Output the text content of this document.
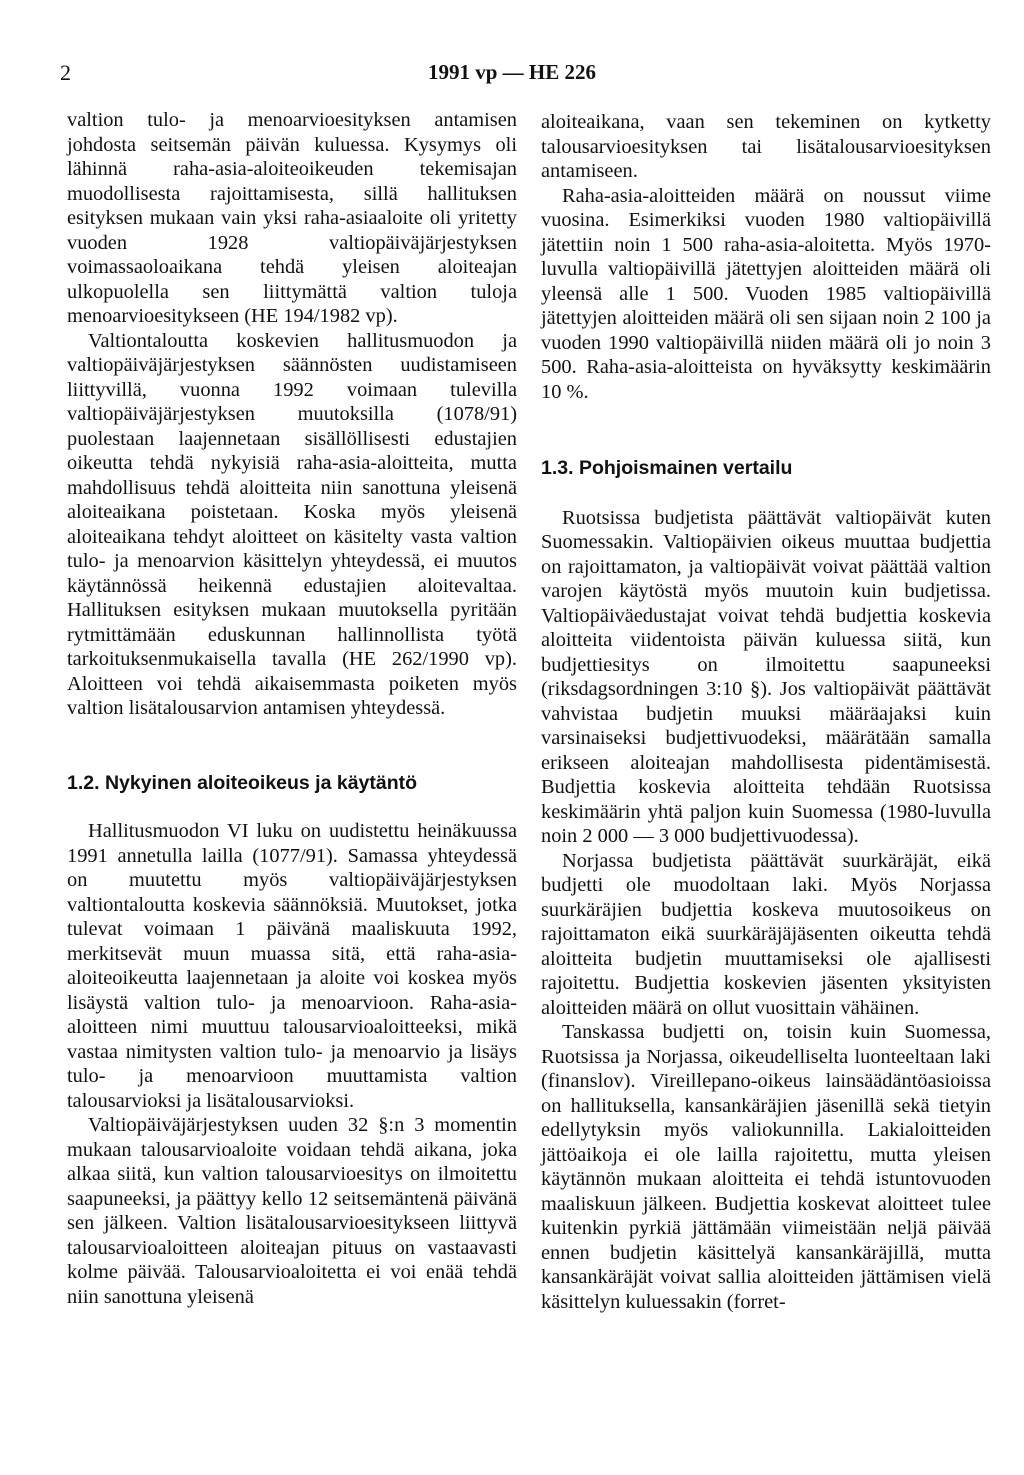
2	1991 vp — HE 226

valtion tulo- ja menoarvioesityksen antamisen johdosta seitsemän päivän kuluessa. Kysymys oli lähinnä raha-asia-aloiteoikeuden tekemisajan muodollisesta rajoittamisesta, sillä hallituksen esityksen mukaan vain yksi raha-asiaaloite oli yritetty vuoden 1928 valtiopäiväjärjestyksen voimassaoloaikana tehdä yleisen aloiteajan ulkopuolella sen liittymättä valtion tuloja menoarvioesitykseen (HE 194/1982 vp).

Valtiontaloutta koskevien hallitusmuodon ja valtiopäiväjärjestyksen säännösten uudistamiseen liittyvillä, vuonna 1992 voimaan tulevilla valtiopäiväjärjestyksen muutoksilla (1078/91) puolestaan laajennetaan sisällöllisesti edustajien oikeutta tehdä nykyisiä raha-asia-aloitteita, mutta mahdollisuus tehdä aloitteita niin sanottuna yleisenä aloiteaikana poistetaan. Koska myös yleisenä aloiteaikana tehdyt aloitteet on käsitelty vasta valtion tulo- ja menoarvion käsittelyn yhteydessä, ei muutos käytännössä heikennä edustajien aloitevaltaa. Hallituksen esityksen mukaan muutoksella pyritään rytmittämään eduskunnan hallinnollista työtä tarkoituksenmukaisella tavalla (HE 262/1990 vp). Aloitteen voi tehdä aikaisemmasta poiketen myös valtion lisätalousarvion antamisen yhteydessä.

1.2. Nykyinen aloiteoikeus ja käytäntö

Hallitusmuodon VI luku on uudistettu heinäkuussa 1991 annetulla lailla (1077/91). Samassa yhteydessä on muutettu myös valtiopäiväjärjestyksen valtiontaloutta koskevia säännöksiä. Muutokset, jotka tulevat voimaan 1 päivänä maaliskuuta 1992, merkitsevät muun muassa sitä, että raha-asia-aloiteoikeutta laajennetaan ja aloite voi koskea myös lisäystä valtion tulo- ja menoarvioon. Raha-asia-aloitteen nimi muuttuu talousarvioaloitteeksi, mikä vastaa nimitysten valtion tulo- ja menoarvio ja lisäys tulo- ja menoarvioon muuttamista valtion talousarvioksi ja lisätalousarvioksi.

Valtiopäiväjärjestyksen uuden 32 §:n 3 momentin mukaan talousarvioaloite voidaan tehdä aikana, joka alkaa siitä, kun valtion talousarvioesitys on ilmoitettu saapuneeksi, ja päättyy kello 12 seitsemäntenä päivänä sen jälkeen. Valtion lisätalousarvioesitykseen liittyvä talousarvioaloitteen aloiteajan pituus on vastaavasti kolme päivää. Talousarvioaloitetta ei voi enää tehdä niin sanottuna yleisenä

aloiteaikana, vaan sen tekeminen on kytketty talousarvioesityksen tai lisätalousarvioesityksen antamiseen.

Raha-asia-aloitteiden määrä on noussut viime vuosina. Esimerkiksi vuoden 1980 valtiopäivillä jätettiin noin 1 500 raha-asia-aloitetta. Myös 1970-luvulla valtiopäivillä jätettyjen aloitteiden määrä oli yleensä alle 1 500. Vuoden 1985 valtiopäivillä jätettyjen aloitteiden määrä oli sen sijaan noin 2 100 ja vuoden 1990 valtiopäivillä niiden määrä oli jo noin 3 500. Raha-asia-aloitteista on hyväksytty keskimäärin 10 %.

1.3. Pohjoismainen vertailu

Ruotsissa budjetista päättävät valtiopäivät kuten Suomessakin. Valtiopäivien oikeus muuttaa budjettia on rajoittamaton, ja valtiopäivät voivat päättää valtion varojen käytöstä myös muutoin kuin budjetissa. Valtiopäiväedustajat voivat tehdä budjettia koskevia aloitteita viidentoista päivän kuluessa siitä, kun budjettiesitys on ilmoitettu saapuneeksi (riksdagsordningen 3:10 §). Jos valtiopäivät päättävät vahvistaa budjetin muuksi määräajaksi kuin varsinaiseksi budjettivuodeksi, määrätään samalla erikseen aloiteajan mahdollisesta pidentämisestä. Budjettia koskevia aloitteita tehdään Ruotsissa keskimäärin yhtä paljon kuin Suomessa (1980-luvulla noin 2 000 — 3 000 budjettivuodessa).

Norjassa budjetista päättävät suurkäräjät, eikä budjetti ole muodoltaan laki. Myös Norjassa suurkäräjien budjettia koskeva muutosoikeus on rajoittamaton eikä suurkäräjäjäsenten oikeutta tehdä aloitteita budjetin muuttamiseksi ole ajallisesti rajoitettu. Budjettia koskevien jäsenten yksityisten aloitteiden määrä on ollut vuosittain vähäinen.

Tanskassa budjetti on, toisin kuin Suomessa, Ruotsissa ja Norjassa, oikeudelliselta luonteeltaan laki (finanslov). Vireillepano-oikeus lainsäädäntöasioissa on hallituksella, kansankäräjien jäsenillä sekä tietyin edellytyksin myös valiokunnilla. Lakialoitteiden jättöaikoja ei ole lailla rajoitettu, mutta yleisen käytännön mukaan aloitteita ei tehdä istuntovuoden maaliskuun jälkeen. Budjettia koskevat aloitteet tulee kuitenkin pyrkiä jättämään viimeistään neljä päivää ennen budjetin käsittelyä kansankäräjillä, mutta kansankäräjät voivat sallia aloitteiden jättämisen vielä käsittelyn kuluessakin (forret-
